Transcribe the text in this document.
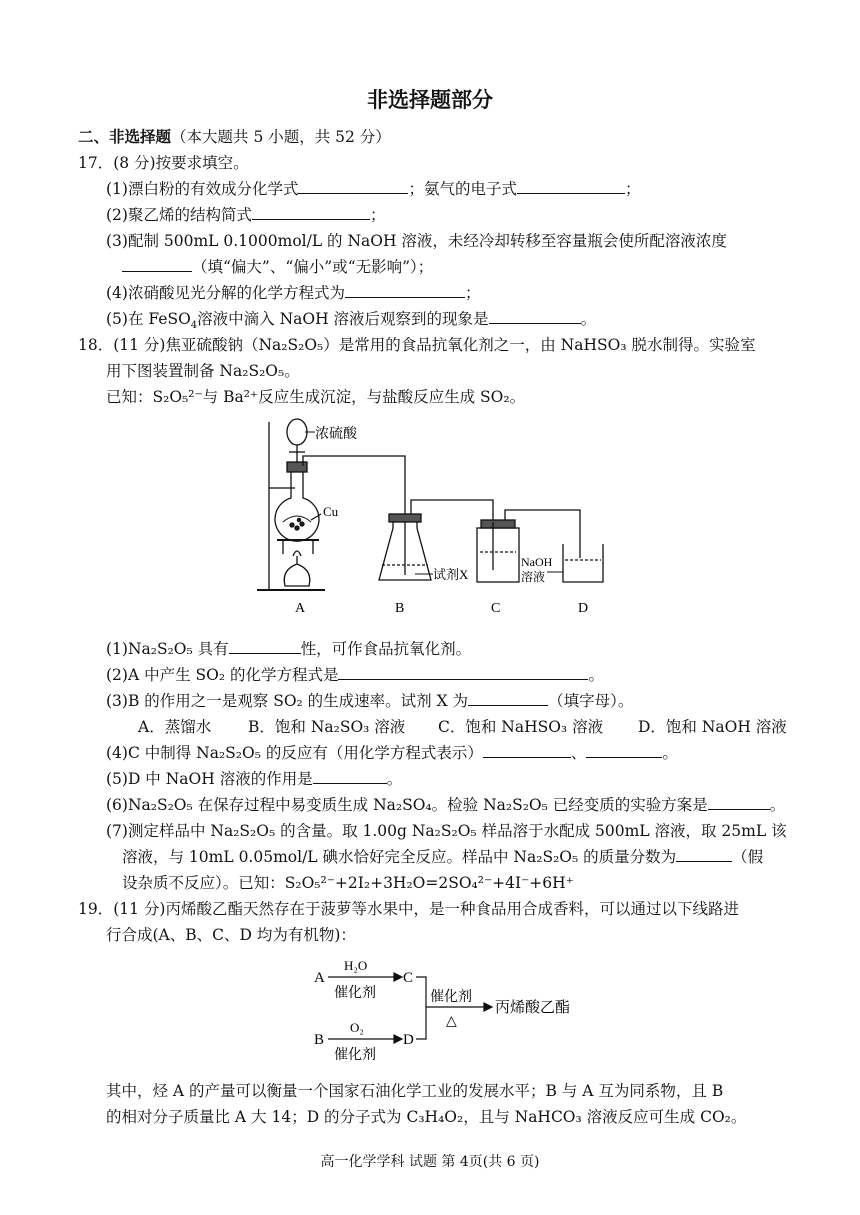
非选择题部分
二、非选择题（本大题共 5 小题，共 52 分）
17．(8 分)按要求填空。
(1)漂白粉的有效成分化学式	；氨气的电子式	；
(2)聚乙烯的结构简式	；
(3)配制 500mL 0.1000mol/L 的 NaOH 溶液，未经冷却转移至容量瓶会使所配溶液浓度
（填“偏大”、“偏小”或“无影响”）；
(4)浓硝酸见光分解的化学方程式为	；
(5)在 FeSO$_4$溶液中滴入 NaOH 溶液后观察到的现象是	。
18．(11 分)焦亚硫酸钠（Na₂S₂O₅）是常用的食品抗氧化剂之一，由 NaHSO₃ 脱水制得。实验室
用下图装置制备 Na₂S₂O₅。
已知：S₂O₅²⁻与 Ba²⁺反应生成沉淀，与盐酸反应生成 SO₂。
浓硫酸
Cu
试剂X
NaOH
溶液
A	B	C	D
(1)Na₂S₂O₅ 具有	性，可作食品抗氧化剂。
(2)A 中产生 SO₂ 的化学方程式是	。
(3)B 的作用之一是观察 SO₂ 的生成速率。试剂 X 为	（填字母）。
A．蒸馏水 B．饱和 Na₂SO₃ 溶液 C．饱和 NaHSO₃ 溶液 D．饱和 NaOH 溶液
(4)C 中制得 Na₂S₂O₅ 的反应有（用化学方程式表示）	、	。
(5)D 中 NaOH 溶液的作用是	。
(6)Na₂S₂O₅ 在保存过程中易变质生成 Na₂SO₄。检验 Na₂S₂O₅ 已经变质的实验方案是	。
(7)测定样品中 Na₂S₂O₅ 的含量。取 1.00g Na₂S₂O₅ 样品溶于水配成 500mL 溶液，取 25mL 该
溶液，与 10mL 0.05mol/L 碘水恰好完全反应。样品中 Na₂S₂O₅ 的质量分数为	（假
设杂质不反应）。已知：S₂O₅²⁻+2I₂+3H₂O=2SO₄²⁻+4I⁻+6H⁺
19．(11 分)丙烯酸乙酯天然存在于菠萝等水果中，是一种食品用合成香料，可以通过以下线路进
行合成(A、B、C、D 均为有机物)：
A
H₂O
催化剂
C
B
O₂
催化剂
D
催化剂
△
丙烯酸乙酯
其中，烃 A 的产量可以衡量一个国家石油化学工业的发展水平；B 与 A 互为同系物，且 B
的相对分子质量比 A 大 14；D 的分子式为 C₃H₄O₂，且与 NaHCO₃ 溶液反应可生成 CO₂。
高一化学学科 试题 第 4页(共 6 页)
